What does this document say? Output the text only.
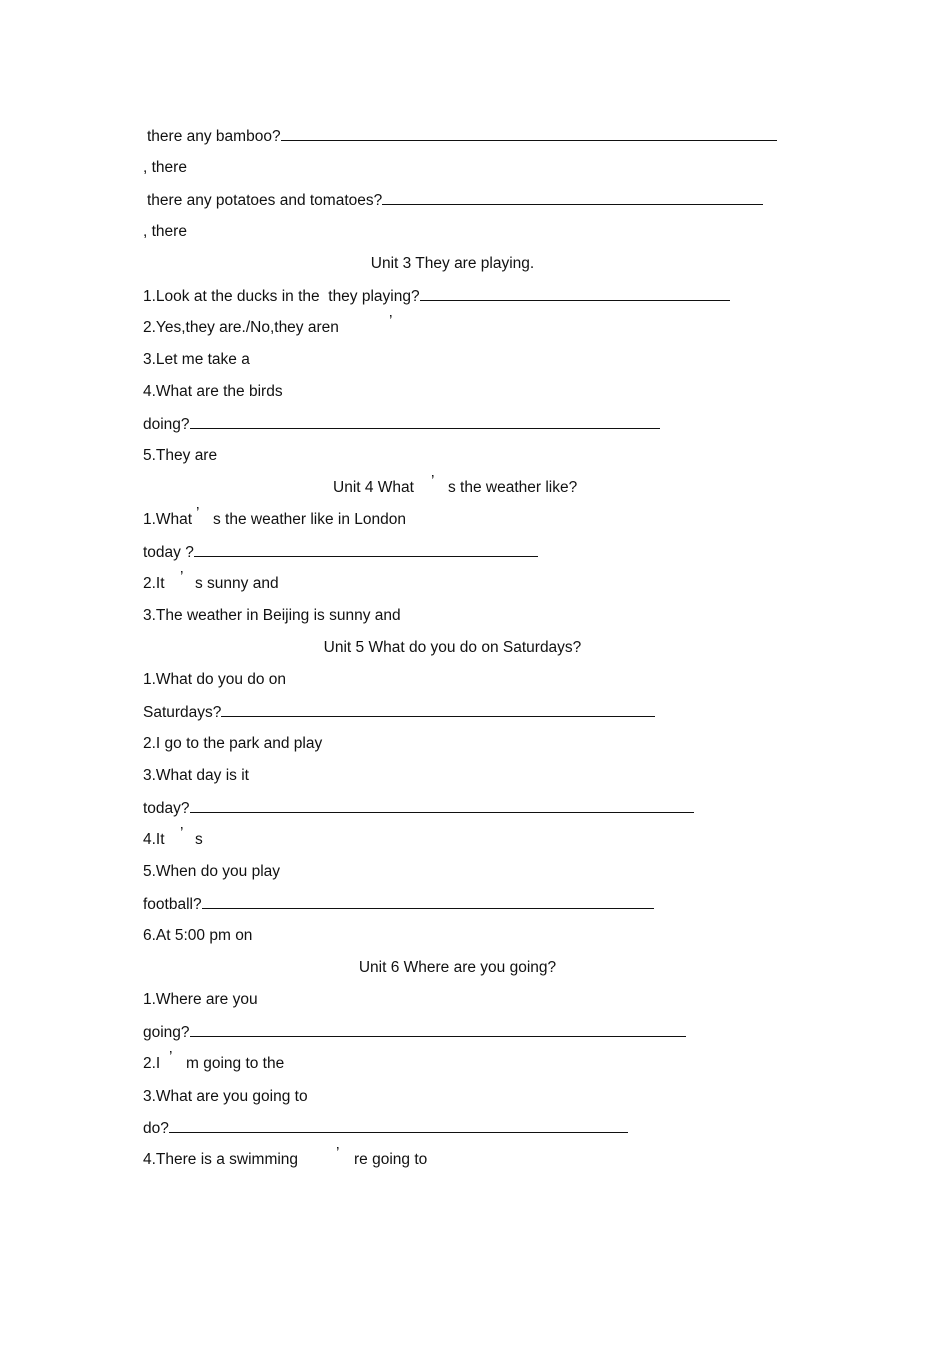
there any bamboo?
, there
there any potatoes and tomatoes?
, there
Unit 3 They are playing.
1.Look at the ducks in the  they playing?
2.Yes,they are./No,they aren	’
3.Let me take a
4.What are the birds
doing?
5.They are
Unit 4 What ’ s the weather like?
1.What ’ s the weather like in London
today ?
2.It ’ s sunny and
3.The weather in Beijing is sunny and
Unit 5 What do you do on Saturdays?
1.What do you do on
Saturdays?
2.I go to the park and play
3.What day is it
today?
4.It ’ s
5.When do you play
football?
6.At 5:00 pm on
Unit 6 Where are you going?
1.Where are you
going?
2.I ’ m going to the
3.What are you going to
do?
4.There is a swimming ’ re going to
